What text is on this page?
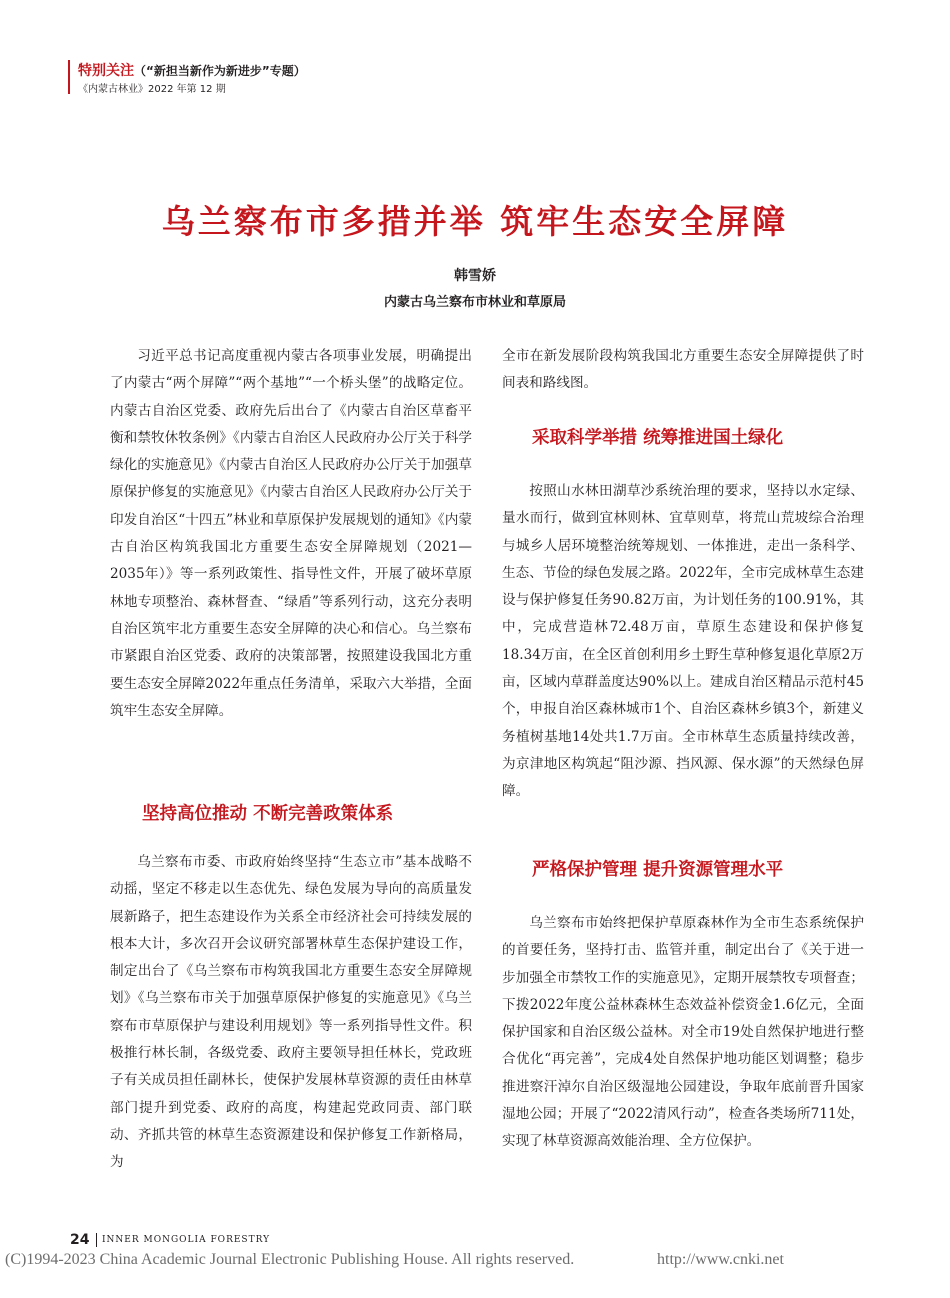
特别关注（“新担当新作为新进步”专题）
《内蒙古林业》2022 年第 12 期
乌兰察布市多措并举 筑牢生态安全屏障
韩雪娇
内蒙古乌兰察布市林业和草原局

习近平总书记高度重视内蒙古各项事业发展，明确提出了内蒙古“两个屏障”“两个基地”“一个桥头堡”的战略定位。内蒙古自治区党委、政府先后出台了《内蒙古自治区草畜平衡和禁牧休牧条例》《内蒙古自治区人民政府办公厅关于科学绿化的实施意见》《内蒙古自治区人民政府办公厅关于加强草原保护修复的实施意见》《内蒙古自治区人民政府办公厅关于印发自治区“十四五”林业和草原保护发展规划的通知》《内蒙古自治区构筑我国北方重要生态安全屏障规划（2021—2035年）》等一系列政策性、指导性文件，开展了破坏草原林地专项整治、森林督查、“绿盾”等系列行动，这充分表明自治区筑牢北方重要生态安全屏障的决心和信心。乌兰察布市紧跟自治区党委、政府的决策部署，按照建设我国北方重要生态安全屏障2022年重点任务清单，采取六大举措，全面筑牢生态安全屏障。

坚持高位推动 不断完善政策体系

乌兰察布市委、市政府始终坚持“生态立市”基本战略不动摇，坚定不移走以生态优先、绿色发展为导向的高质量发展新路子，把生态建设作为关系全市经济社会可持续发展的根本大计，多次召开会议研究部署林草生态保护建设工作，制定出台了《乌兰察布市构筑我国北方重要生态安全屏障规划》《乌兰察布市关于加强草原保护修复的实施意见》《乌兰察布市草原保护与建设利用规划》等一系列指导性文件。积极推行林长制，各级党委、政府主要领导担任林长，党政班子有关成员担任副林长，使保护发展林草资源的责任由林草部门提升到党委、政府的高度，构建起党政同责、部门联动、齐抓共管的林草生态资源建设和保护修复工作新格局，为

全市在新发展阶段构筑我国北方重要生态安全屏障提供了时间表和路线图。

采取科学举措 统筹推进国土绿化

按照山水林田湖草沙系统治理的要求，坚持以水定绿、量水而行，做到宜林则林、宜草则草，将荒山荒坡综合治理与城乡人居环境整治统筹规划、一体推进，走出一条科学、生态、节俭的绿色发展之路。2022年，全市完成林草生态建设与保护修复任务90.82万亩，为计划任务的100.91%，其中，完成营造林72.48万亩，草原生态建设和保护修复18.34万亩，在全区首创利用乡土野生草种修复退化草原2万亩，区域内草群盖度达90%以上。建成自治区精品示范村45个，申报自治区森林城市1个、自治区森林乡镇3个，新建义务植树基地14处共1.7万亩。全市林草生态质量持续改善，为京津地区构筑起“阻沙源、挡风源、保水源”的天然绿色屏障。

严格保护管理 提升资源管理水平

乌兰察布市始终把保护草原森林作为全市生态系统保护的首要任务，坚持打击、监管并重，制定出台了《关于进一步加强全市禁牧工作的实施意见》，定期开展禁牧专项督查；下拨2022年度公益林森林生态效益补偿资金1.6亿元，全面保护国家和自治区级公益林。对全市19处自然保护地进行整合优化“再完善”，完成4处自然保护地功能区划调整；稳步推进察汗淖尔自治区级湿地公园建设，争取年底前晋升国家湿地公园；开展了“2022清风行动”，检查各类场所711处，实现了林草资源高效能治理、全方位保护。

24 INNER MONGOLIA FORESTRY
(C)1994-2023 China Academic Journal Electronic Publishing House. All rights reserved.	http://www.cnki.net
